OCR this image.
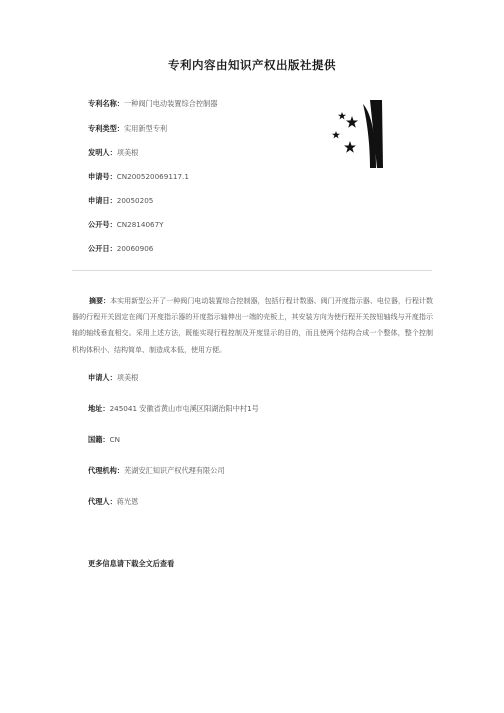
专利内容由知识产权出版社提供
专利名称：一种阀门电动装置综合控制器
专利类型：实用新型专利
发明人：项美根
申请号：CN200520069117.1
申请日：20050205
公开号：CN2814067Y
公开日：20060906
摘要：本实用新型公开了一种阀门电动装置综合控制器，包括行程计数器、阀门开度指示器、电位器，行程计数器的行程开关固定在阀门开度指示器的开度指示轴伸出一端的壳板上，其安装方向为使行程开关按钮轴线与开度指示轴的轴线垂直相交。采用上述方法，既能实现行程控制及开度显示的目的，而且使两个结构合成一个整体，整个控制机构体积小、结构简单、制造成本低，使用方便。
申请人：项美根
地址：245041 安徽省黄山市屯溪区阳湖治阳中村1号
国籍：CN
代理机构：芜湖安汇知识产权代理有限公司
代理人：蒋光恩
更多信息请下载全文后查看
